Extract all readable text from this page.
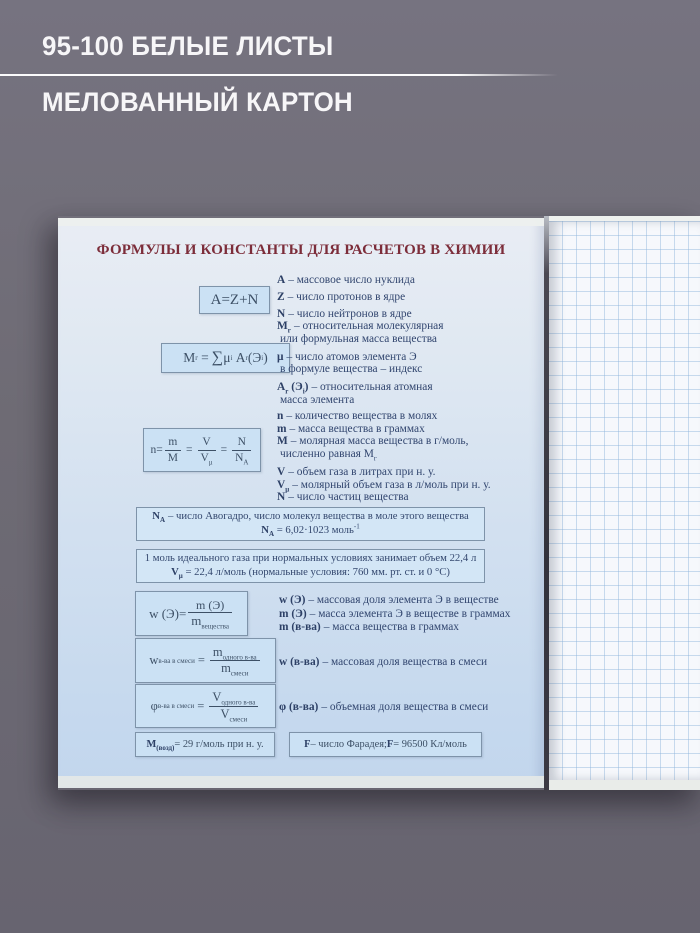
95-100 БЕЛЫЕ ЛИСТЫ
МЕЛОВАННЫЙ КАРТОН
ФОРМУЛЫ И КОНСТАНТЫ ДЛЯ РАСЧЕТОВ В ХИМИИ
A=Z+N
A – массовое число нуклида
Z – число протонов в ядре
N – число нейтронов в ядре
M г = ∑ μ i
A r (Э i )
$M_г$ – относительная молекулярная
или формульная масса вещества
μ – число атомов элемента Э
в формуле вещества – индекс
$A_r$ $(Э_i)$ – относительная атомная
масса элемента
$n= \frac{m}{M} = \frac{V}{V_\mu} = \frac{N}{N_A}$
n – количество вещества в молях
m – масса вещества в граммах
M – молярная масса вещества в г/моль,
численно равная $M_г$
V – объем газа в литрах при н. у.
$V_\mu$ – молярный объем газа в л/моль при н. у.
N – число частиц вещества
$N_A$ – число Авогадро, число молекул вещества в моле этого вещества
$N_A = 6,02\cdot 1023$ моль$^{-1}$
1 моль идеального газа при нормальных условиях занимает объем 22,4 л
$V_\mu = 22,4$ л/моль (нормальные условия: 760 мм. рт. ст. и 0 °C)
w $(Э)= \frac{m (Э)}{m_{вещества}}$	w (Э) – массовая доля элемента Э в веществе
m (Э) – масса элемента Э в веществе в граммах
m (в-ва) – масса вещества в граммах
w в-ва в смеси = $\frac{m_{одного в-ва}}{m_{смеси}}$ w (в-ва) – массовая доля вещества в смеси
φ в-ва в смеси = $\frac{V_{одного в-ва}}{V_{смеси}}$ φ (в-ва) – объемная доля вещества в смеси
$M_{(возд)} = 29$ г/моль при н. у.	F – число Фарадея; F = 96500 Кл/моль
